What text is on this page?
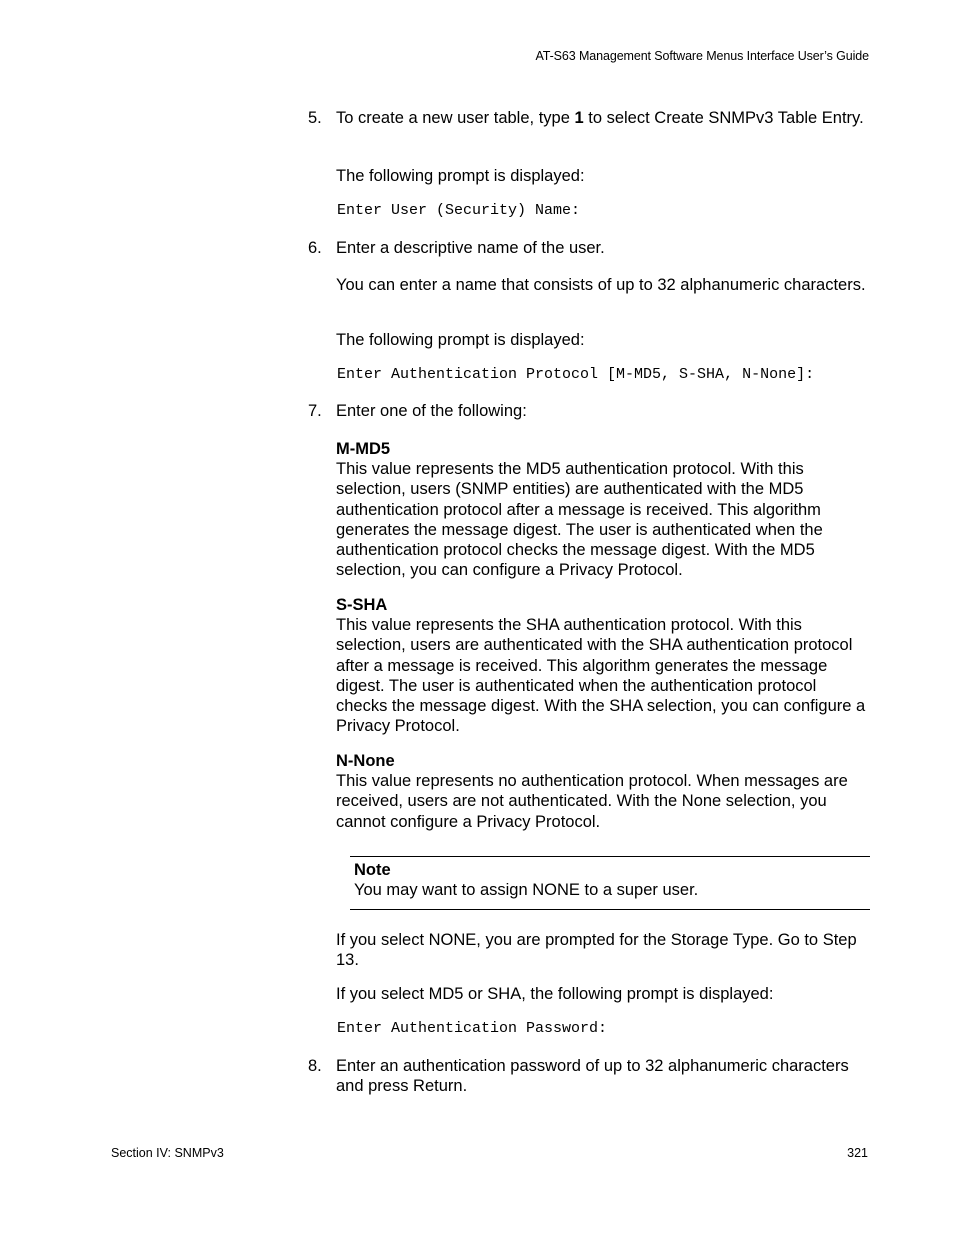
AT-S63 Management Software Menus Interface User’s Guide
5. To create a new user table, type 1 to select Create SNMPv3 Table Entry.

The following prompt is displayed:

Enter User (Security) Name:
6. Enter a descriptive name of the user.

You can enter a name that consists of up to 32 alphanumeric characters.

The following prompt is displayed:

Enter Authentication Protocol [M-MD5, S-SHA, N-None]:
7. Enter one of the following:

M-MD5

This value represents the MD5 authentication protocol. With this selection, users (SNMP entities) are authenticated with the MD5 authentication protocol after a message is received. This algorithm generates the message digest. The user is authenticated when the authentication protocol checks the message digest. With the MD5 selection, you can configure a Privacy Protocol.

S-SHA

This value represents the SHA authentication protocol. With this selection, users are authenticated with the SHA authentication protocol after a message is received. This algorithm generates the message digest. The user is authenticated when the authentication protocol checks the message digest. With the SHA selection, you can configure a Privacy Protocol.

N-None

This value represents no authentication protocol. When messages are received, users are not authenticated. With the None selection, you cannot configure a Privacy Protocol.

Note

You may want to assign NONE to a super user.

If you select NONE, you are prompted for the Storage Type. Go to Step 13.

If you select MD5 or SHA, the following prompt is displayed:

Enter Authentication Password:
8. Enter an authentication password of up to 32 alphanumeric characters and press Return.

Section IV: SNMPv3	321
